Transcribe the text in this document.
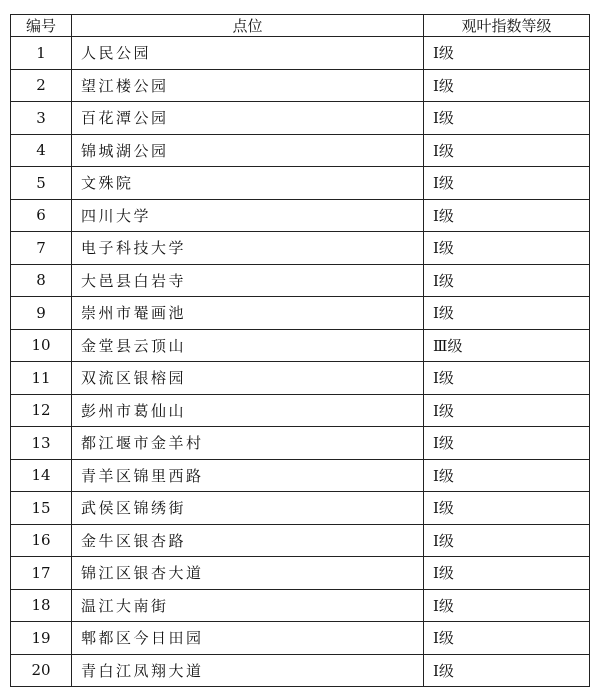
编号	点位	观叶指数等级
1	人民公园	Ⅰ级
2	望江楼公园	Ⅰ级
3	百花潭公园	Ⅰ级
4	锦城湖公园	Ⅰ级
5	文殊院	Ⅰ级
6	四川大学	Ⅰ级
7	电子科技大学	Ⅰ级
8	大邑县白岩寺	Ⅰ级
9	崇州市罨画池	Ⅰ级
10	金堂县云顶山	Ⅲ级
11	双流区银榕园	Ⅰ级
12	彭州市葛仙山	Ⅰ级
13	都江堰市金羊村	Ⅰ级
14	青羊区锦里西路	Ⅰ级
15	武侯区锦绣街	Ⅰ级
16	金牛区银杏路	Ⅰ级
17	锦江区银杏大道	Ⅰ级
18	温江大南街	Ⅰ级
19	郫都区今日田园	Ⅰ级
20	青白江凤翔大道	Ⅰ级
